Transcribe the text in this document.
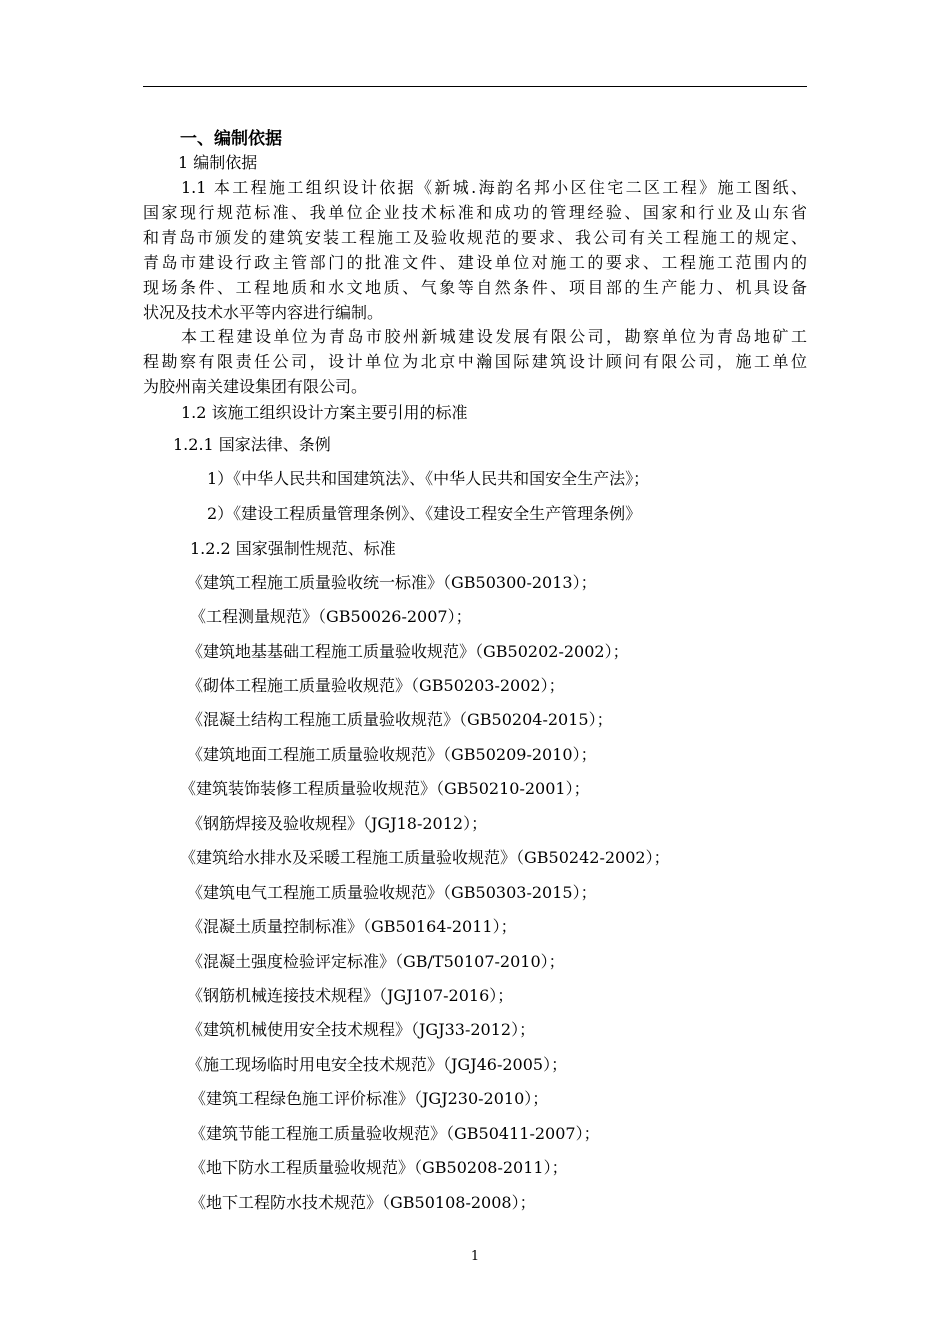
一、编制依据
1 编制依据
1.1 本工程施工组织设计依据《新城.海韵名邦小区住宅二区工程》施工图纸、
国家现行规范标准、我单位企业技术标准和成功的管理经验、国家和行业及山东省
和青岛市颁发的建筑安装工程施工及验收规范的要求、我公司有关工程施工的规定、
青岛市建设行政主管部门的批准文件、建设单位对施工的要求、工程施工范围内的
现场条件、工程地质和水文地质、气象等自然条件、项目部的生产能力、机具设备
状况及技术水平等内容进行编制。
本工程建设单位为青岛市胶州新城建设发展有限公司，勘察单位为青岛地矿工
程勘察有限责任公司，设计单位为北京中瀚国际建筑设计顾问有限公司，施工单位
为胶州南关建设集团有限公司。
1.2 该施工组织设计方案主要引用的标准
1.2.1 国家法律、条例
1）《中华人民共和国建筑法》、《中华人民共和国安全生产法》；
2）《建设工程质量管理条例》、《建设工程安全生产管理条例》
1.2.2 国家强制性规范、标准
《建筑工程施工质量验收统一标准》（GB50300-2013）；
《工程测量规范》（GB50026-2007）；
《建筑地基基础工程施工质量验收规范》（GB50202-2002）；
《砌体工程施工质量验收规范》（GB50203-2002）；
《混凝土结构工程施工质量验收规范》（GB50204-2015）；
《建筑地面工程施工质量验收规范》（GB50209-2010）；
《建筑装饰装修工程质量验收规范》（GB50210-2001）；
《钢筋焊接及验收规程》（JGJ18-2012）；
《建筑给水排水及采暖工程施工质量验收规范》（GB50242-2002）；
《建筑电气工程施工质量验收规范》（GB50303-2015）；
《混凝土质量控制标准》（GB50164-2011）；
《混凝土强度检验评定标准》（GB/T50107-2010）；
《钢筋机械连接技术规程》（JGJ107-2016）；
《建筑机械使用安全技术规程》（JGJ33-2012）；
《施工现场临时用电安全技术规范》（JGJ46-2005）；
《建筑工程绿色施工评价标准》（JGJ230-2010）；
《建筑节能工程施工质量验收规范》（GB50411-2007）；
《地下防水工程质量验收规范》（GB50208-2011）；
《地下工程防水技术规范》（GB50108-2008）；
1
